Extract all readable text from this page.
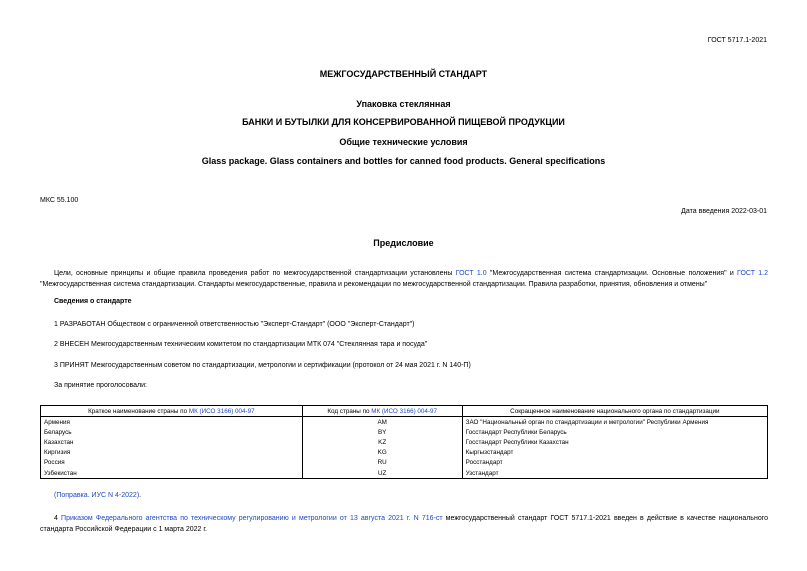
ГОСТ 5717.1-2021
МЕЖГОСУДАРСТВЕННЫЙ СТАНДАРТ
Упаковка стеклянная
БАНКИ И БУТЫЛКИ ДЛЯ КОНСЕРВИРОВАННОЙ ПИЩЕВОЙ ПРОДУКЦИИ
Общие технические условия
Glass package. Glass containers and bottles for canned food products. General specifications
МКС 55.100
Дата введения 2022-03-01
Предисловие
Цели, основные принципы и общие правила проведения работ по межгосударственной стандартизации установлены ГОСТ 1.0 "Межгосударственная система стандартизации. Основные положения" и ГОСТ 1.2 "Межгосударственная система стандартизации. Стандарты межгосударственные, правила и рекомендации по межгосударственной стандартизации. Правила разработки, принятия, обновления и отмены"
Сведения о стандарте
1 РАЗРАБОТАН Обществом с ограниченной ответственностью "Эксперт-Стандарт" (ООО "Эксперт-Стандарт")
2 ВНЕСЕН Межгосударственным техническим комитетом по стандартизации МТК 074 "Стеклянная тара и посуда"
3 ПРИНЯТ Межгосударственным советом по стандартизации, метрологии и сертификации (протокол от 24 мая 2021 г. N 140-П)
За принятие проголосовали:
Краткое наименование страны по МК (ИСО 3166) 004-97	Код страны по МК (ИСО 3166) 004-97	Сокращенное наименование национального органа по стандартизации
Армения	AM	ЗАО "Национальный орган по стандартизации и метрологии" Республики Армения
Беларусь	BY	Госстандарт Республики Беларусь
Казахстан	KZ	Госстандарт Республики Казахстан
Киргизия	KG	Кыргызстандарт
Россия	RU	Росстандарт
Узбекистан	UZ	Узстандарт
(Поправка. ИУС N 4-2022).
4 Приказом Федерального агентства по техническому регулированию и метрологии от 13 августа 2021 г. N 716-ст межгосударственный стандарт ГОСТ 5717.1-2021 введен в действие в качестве национального стандарта Российской Федерации с 1 марта 2022 г.
